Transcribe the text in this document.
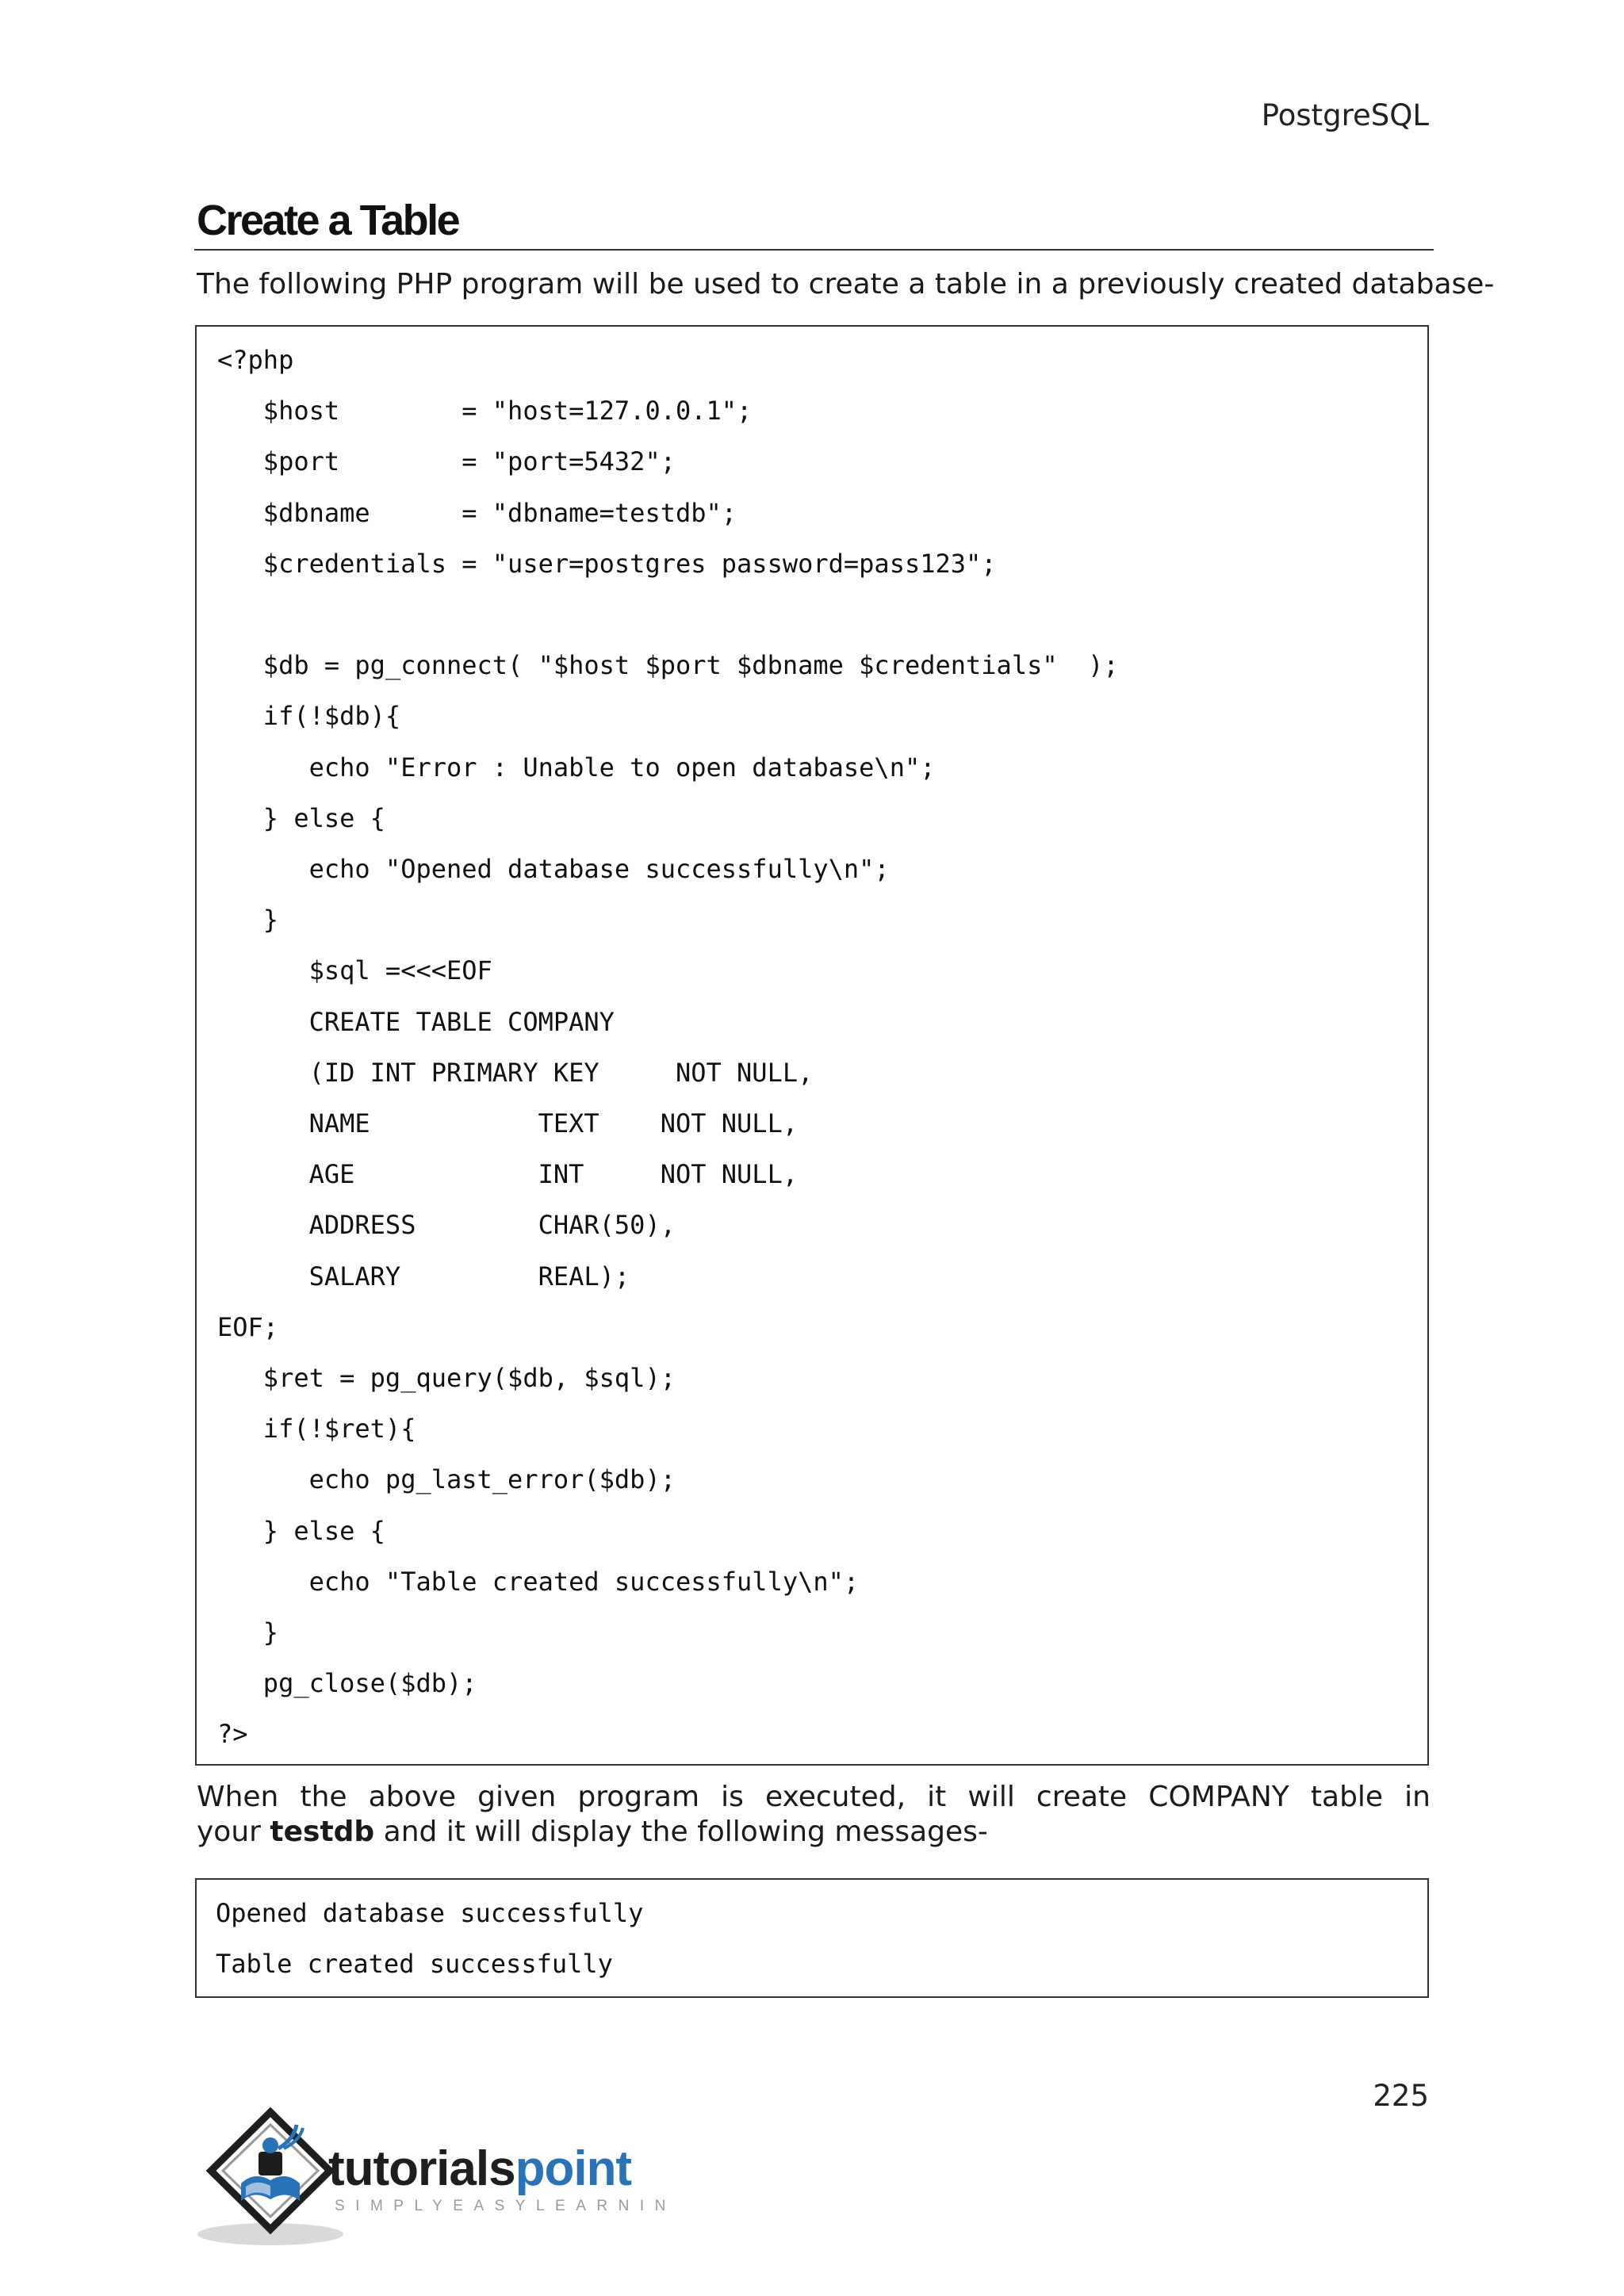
PostgreSQL
Create a Table

The following PHP program will be used to create a table in a previously created database-

<?php
$host        = "host=127.0.0.1";
$port        = "port=5432";
$dbname      = "dbname=testdb";
$credentials = "user=postgres password=pass123";

$db = pg_connect( "$host $port $dbname $credentials"  );
if(!$db){
echo "Error : Unable to open database\n";
} else {
echo "Opened database successfully\n";
}
$sql =<<<EOF
CREATE TABLE COMPANY
(ID INT PRIMARY KEY     NOT NULL,
NAME           TEXT    NOT NULL,
AGE            INT     NOT NULL,
ADDRESS        CHAR(50),
SALARY         REAL);
EOF;
$ret = pg_query($db, $sql);
if(!$ret){
echo pg_last_error($db);
} else {
echo "Table created successfully\n";
}
pg_close($db);
?>
When the above given program is executed, it will create COMPANY table in
your testdb and it will display the following messages-
Opened database successfully
Table created successfully
225
tutorialspoint
SIMPLYEASYLEARNING
